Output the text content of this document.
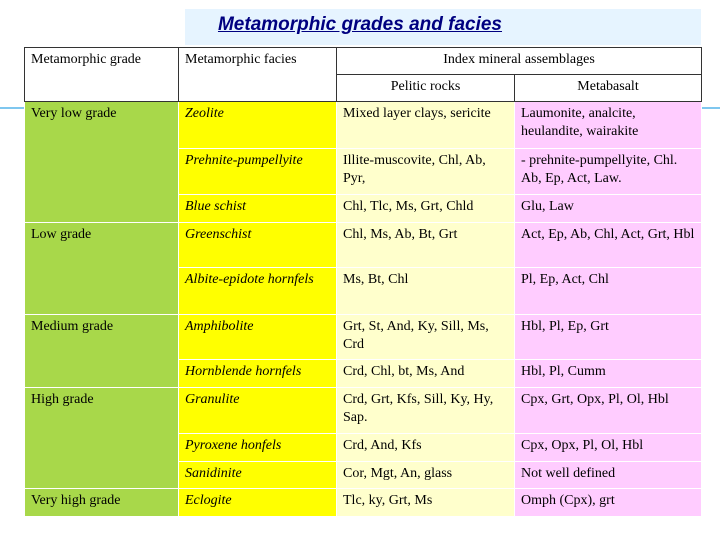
Metamorphic grades and facies
Metamorphic grade	Metamorphic facies	Index mineral assemblages	
		Pelitic rocks	Metabasalt
Very low grade	Zeolite	Mixed layer clays, sericite	Laumonite, analcite, heulandite, wairakite
	Prehnite-pumpellyite	Illite-muscovite, Chl, Ab, Pyr,	- prehnite-pumpellyite, Chl. Ab, Ep, Act, Law.
	Blue schist	Chl, Tlc, Ms, Grt, Chld	Glu, Law
Low grade	Greenschist	Chl, Ms, Ab, Bt, Grt	Act, Ep, Ab, Chl, Act, Grt, Hbl
	Albite-epidote hornfels	Ms, Bt, Chl	Pl, Ep, Act, Chl
Medium grade	Amphibolite	Grt, St, And, Ky, Sill, Ms, Crd	Hbl, Pl, Ep, Grt
	Hornblende hornfels	Crd, Chl, bt, Ms, And	Hbl, Pl, Cumm
High grade	Granulite	Crd, Grt, Kfs, Sill, Ky, Hy, Sap.	Cpx, Grt, Opx, Pl, Ol, Hbl
	Pyroxene honfels	Crd, And, Kfs	Cpx, Opx, Pl, Ol, Hbl
	Sanidinite	Cor, Mgt, An, glass	Not well defined
Very high grade	Eclogite	Tlc, ky, Grt, Ms	Omph (Cpx), grt
